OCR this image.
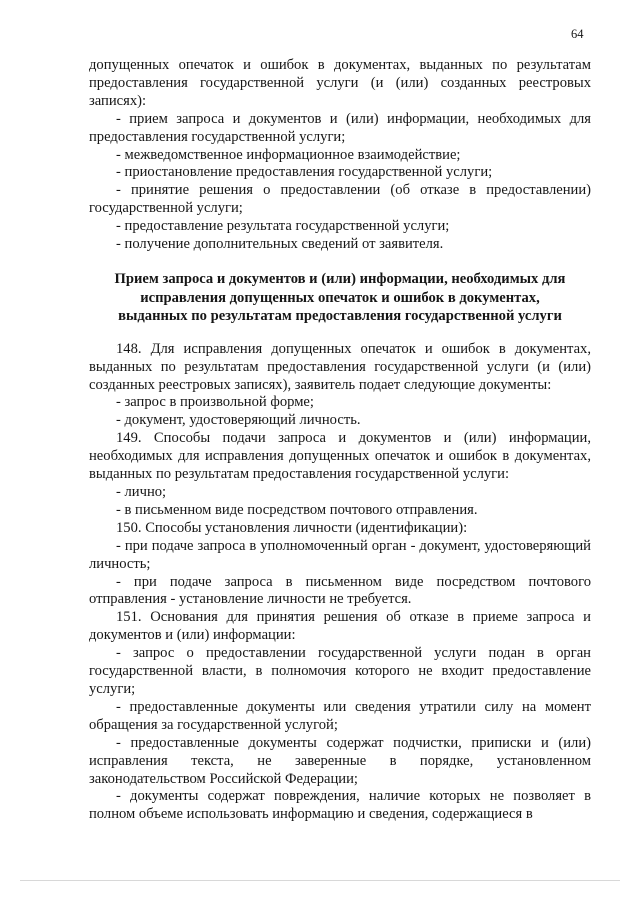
64

допущенных опечаток и ошибок в документах, выданных по результатам предоставления государственной услуги (и (или) созданных реестровых записях):

- прием запроса и документов и (или) информации, необходимых для предоставления государственной услуги;

- межведомственное информационное взаимодействие;

- приостановление предоставления государственной услуги;

- принятие решения о предоставлении (об отказе в предоставлении) государственной услуги;

- предоставление результата государственной услуги;

- получение дополнительных сведений от заявителя.

Прием запроса и документов и (или) информации, необходимых для исправления допущенных опечаток и ошибок в документах, выданных по результатам предоставления государственной услуги

148. Для исправления допущенных опечаток и ошибок в документах, выданных по результатам предоставления государственной услуги (и (или) созданных реестровых записях), заявитель подает следующие документы:

- запрос в произвольной форме;

- документ, удостоверяющий личность.

149. Способы подачи запроса и документов и (или) информации, необходимых для исправления допущенных опечаток и ошибок в документах, выданных по результатам предоставления государственной услуги:

- лично;

- в письменном виде посредством почтового отправления.

150. Способы установления личности (идентификации):

- при подаче запроса в уполномоченный орган - документ, удостоверяющий личность;

- при подаче запроса в письменном виде посредством почтового отправления - установление личности не требуется.

151. Основания для принятия решения об отказе в приеме запроса и документов и (или) информации:

- запрос о предоставлении государственной услуги подан в орган государственной власти, в полномочия которого не входит предоставление услуги;

- предоставленные документы или сведения утратили силу на момент обращения за государственной услугой;

- предоставленные документы содержат подчистки, приписки и (или) исправления текста, не заверенные в порядке, установленном законодательством Российской Федерации;

- документы содержат повреждения, наличие которых не позволяет в полном объеме использовать информацию и сведения, содержащиеся в
